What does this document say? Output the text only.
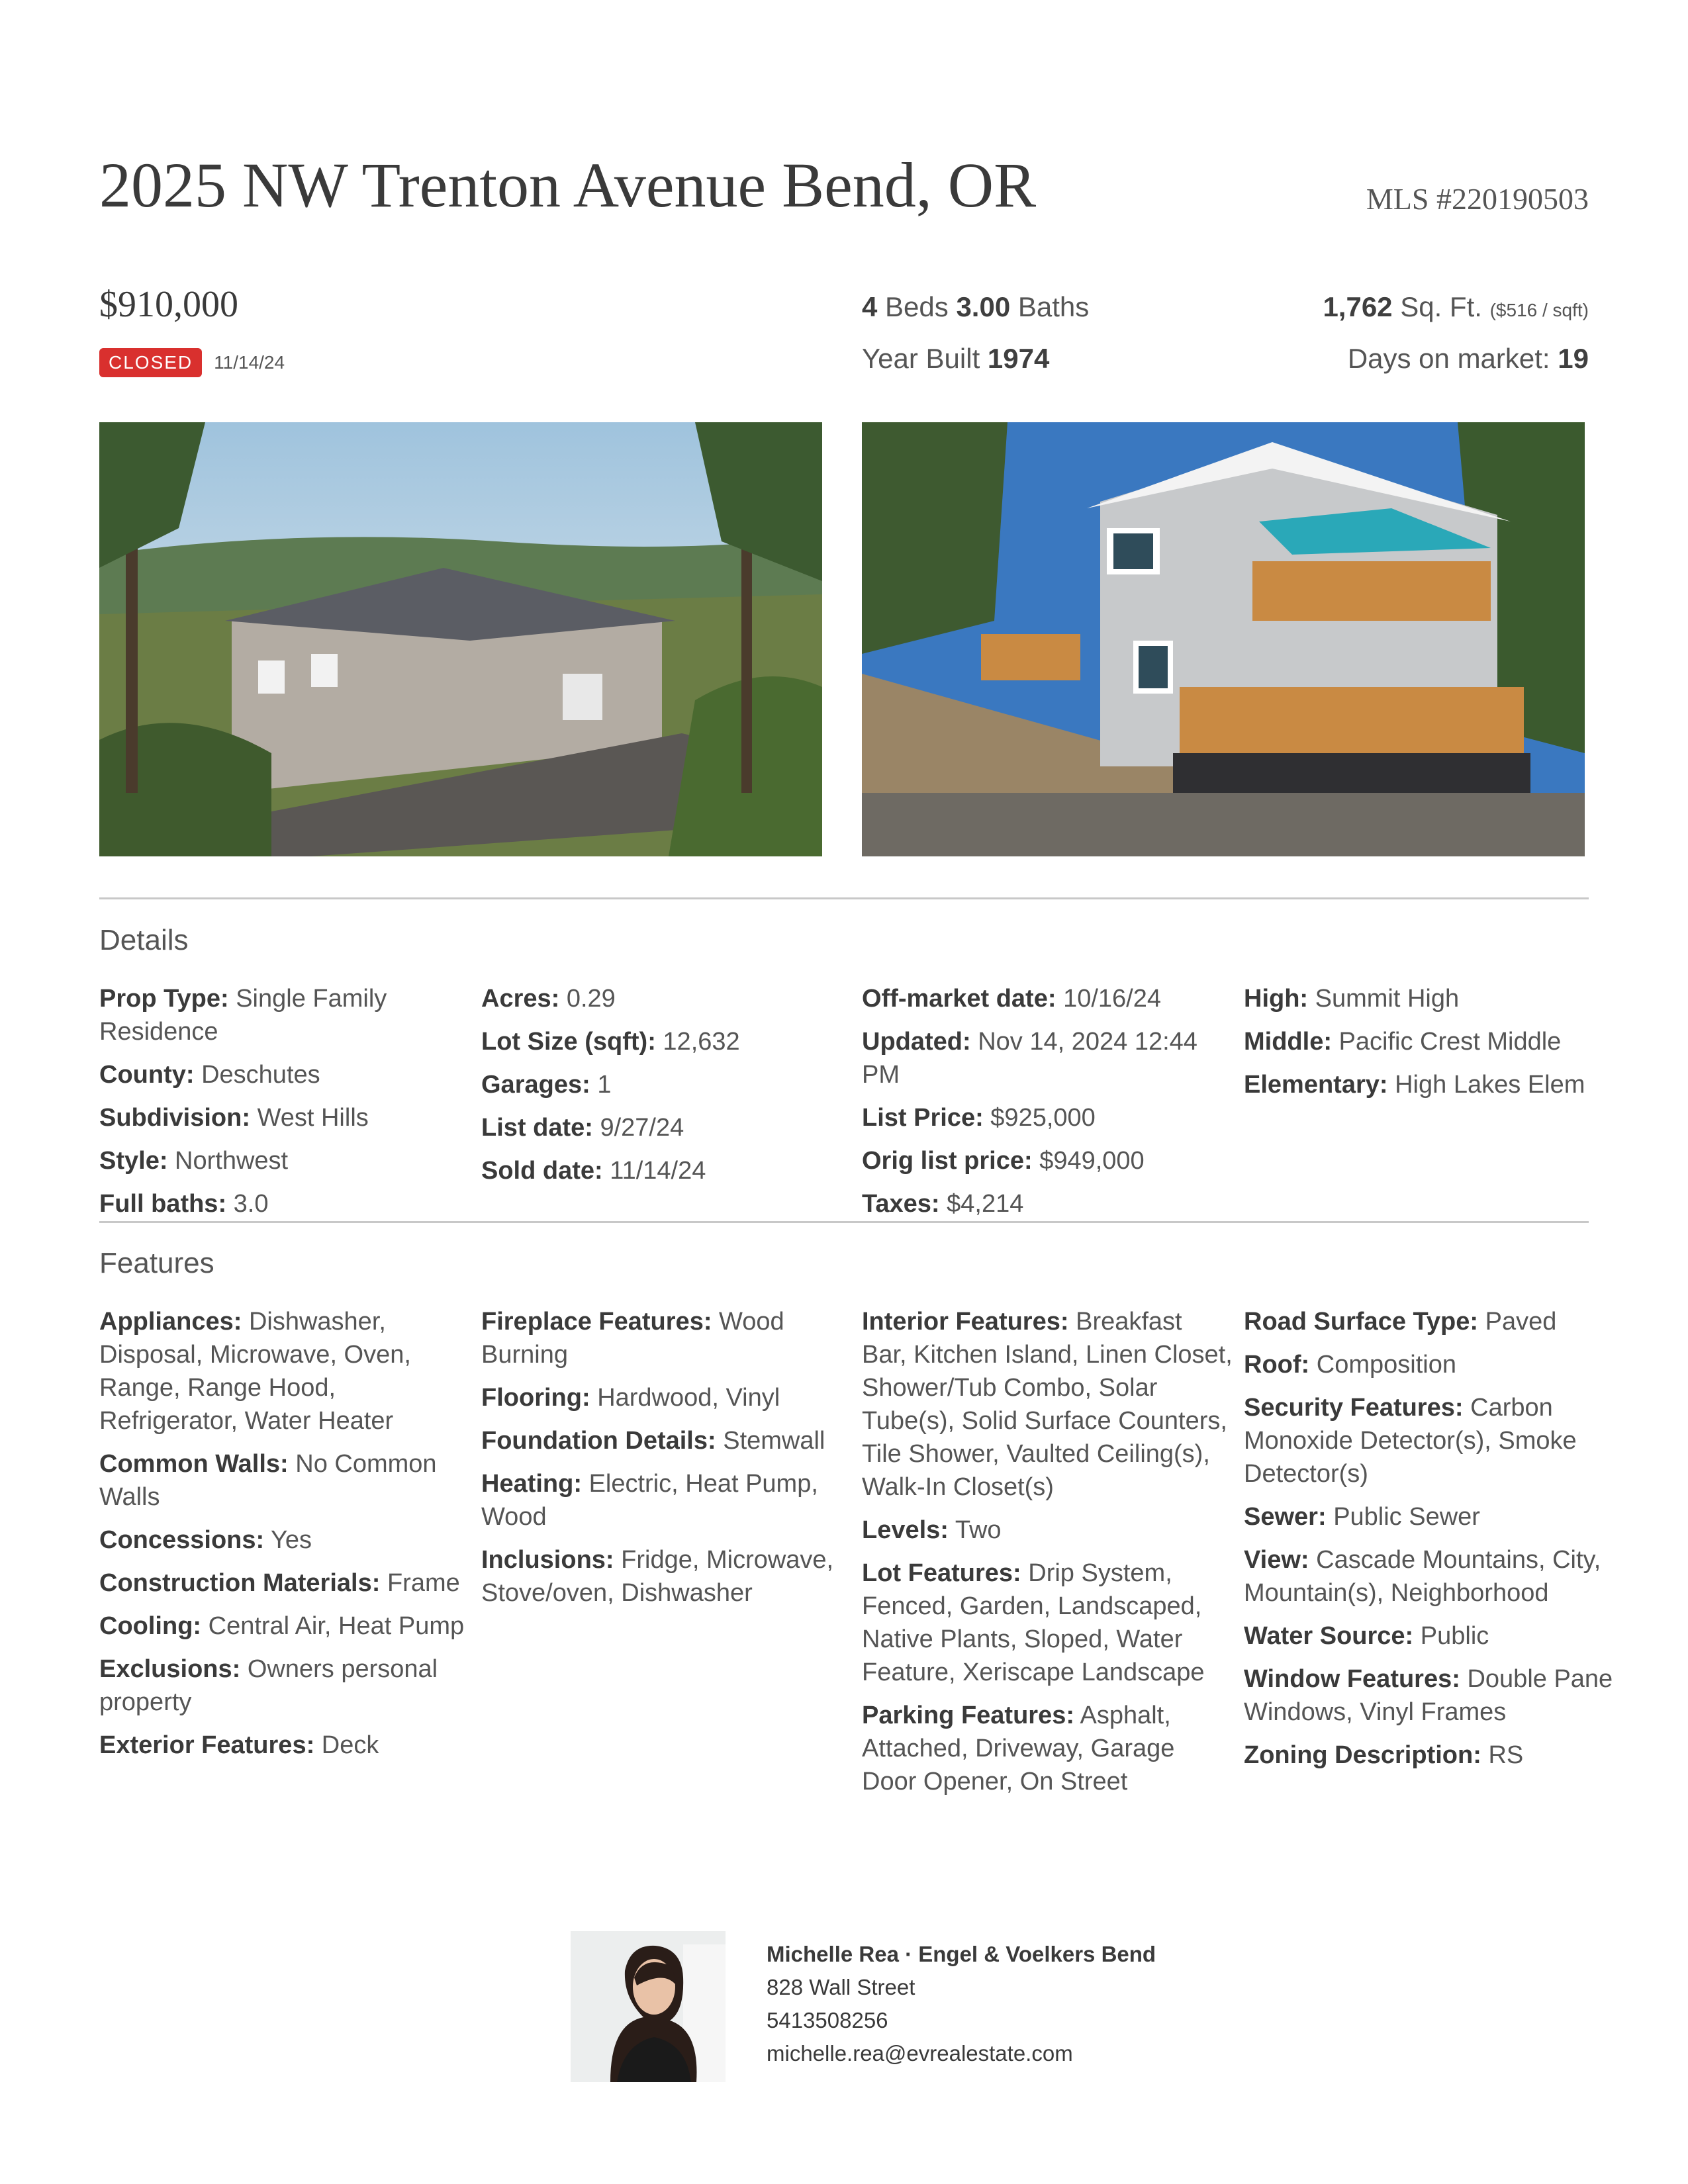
2025 NW Trenton Avenue Bend, OR	MLS #220190503
$910,000
CLOSED	11/14/24
4 Beds 3.00 Baths
Year Built 1974
1,762 Sq. Ft. ($516 / sqft)
Days on market: 19
Details
Prop Type: Single Family Residence
County: Deschutes
Subdivision: West Hills
Style: Northwest
Full baths: 3.0
Acres: 0.29
Lot Size (sqft): 12,632
Garages: 1
List date: 9/27/24
Sold date: 11/14/24
Off-market date: 10/16/24
Updated: Nov 14, 2024 12:44 PM
List Price: $925,000
Orig list price: $949,000
Taxes: $4,214
High: Summit High
Middle: Pacific Crest Middle
Elementary: High Lakes Elem
Features
Appliances: Dishwasher, Disposal, Microwave, Oven, Range, Range Hood, Refrigerator, Water Heater
Common Walls: No Common Walls
Concessions: Yes
Construction Materials: Frame
Cooling: Central Air, Heat Pump
Exclusions: Owners personal property
Exterior Features: Deck
Fireplace Features: Wood Burning
Flooring: Hardwood, Vinyl
Foundation Details: Stemwall
Heating: Electric, Heat Pump, Wood
Inclusions: Fridge, Microwave, Stove/oven, Dishwasher
Interior Features: Breakfast Bar, Kitchen Island, Linen Closet, Shower/Tub Combo, Solar Tube(s), Solid Surface Counters, Tile Shower, Vaulted Ceiling(s), Walk-In Closet(s)
Levels: Two
Lot Features: Drip System, Fenced, Garden, Landscaped, Native Plants, Sloped, Water Feature, Xeriscape Landscape
Parking Features: Asphalt, Attached, Driveway, Garage Door Opener, On Street
Road Surface Type: Paved
Roof: Composition
Security Features: Carbon Monoxide Detector(s), Smoke Detector(s)
Sewer: Public Sewer
View: Cascade Mountains, City, Mountain(s), Neighborhood
Water Source: Public
Window Features: Double Pane Windows, Vinyl Frames
Zoning Description: RS
Michelle Rea · Engel & Voelkers Bend
828 Wall Street
5413508256
michelle.rea@evrealestate.com
